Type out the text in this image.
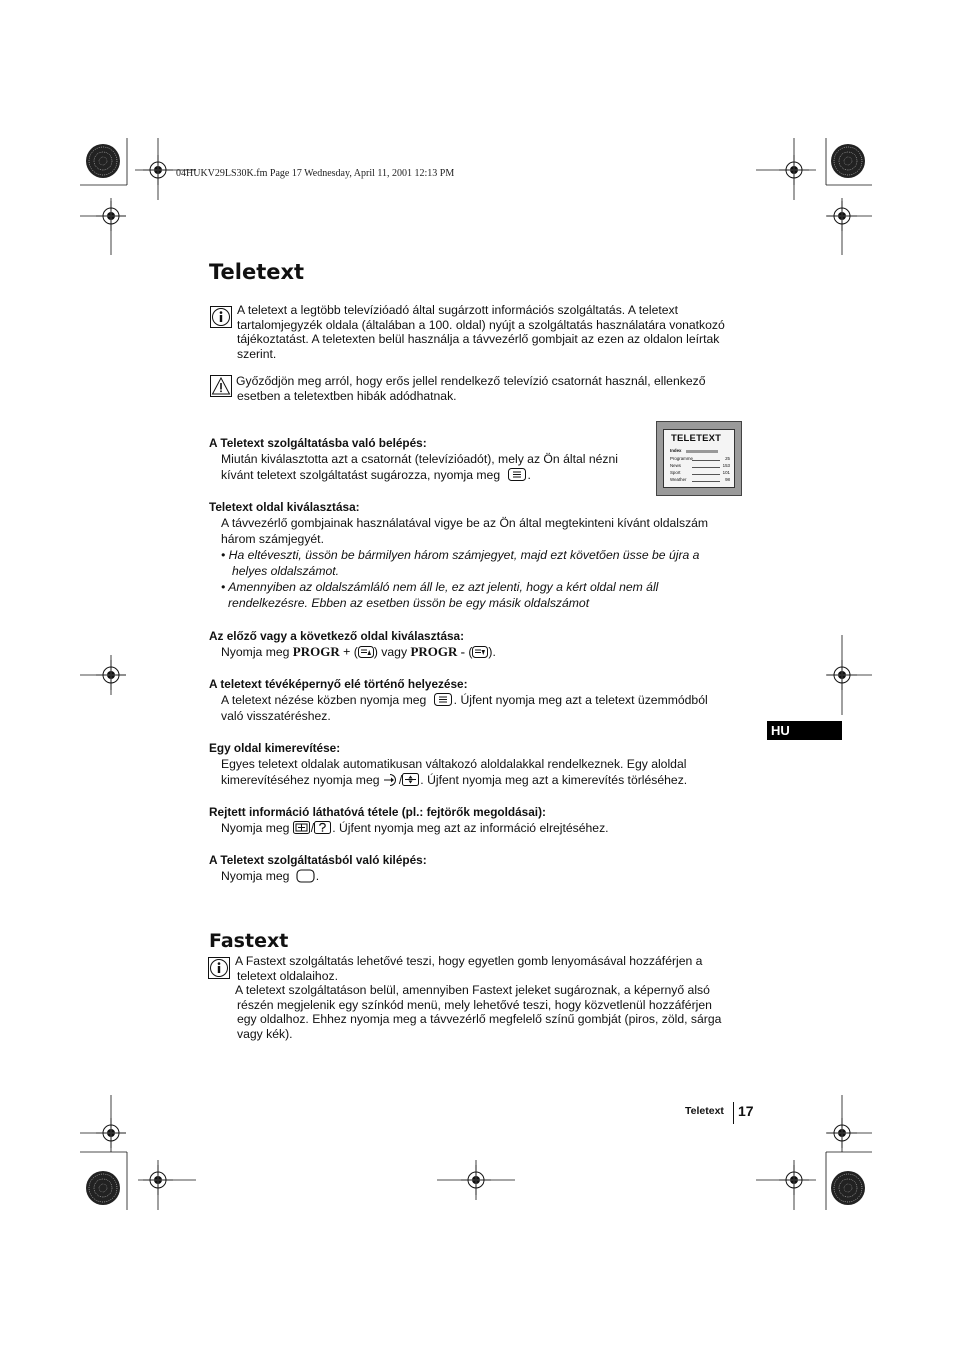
04HUKV29LS30K.fm Page 17 Wednesday, April 11, 2001 12:13 PM
Teletext
A teletext a legtöbb televízióadó által sugárzott információs szolgáltatás. A teletext
tartalomjegyzék oldala (általában a 100. oldal) nyújt a szolgáltatás használatára vonatkozó
tájékoztatást. A teletexten belül használja a távvezérlő gombjait az ezen az oldalon leírtak
szerint.
Győződjön meg arról, hogy erős jellel rendelkező televízió csatornát használ, ellenkező
esetben a teletextben hibák adódhatnak.
TELETEXT
Index
Programme	25
News	153
Sport	101
Weather	98
A Teletext szolgáltatásba való belépés:
Miután kiválasztotta azt a csatornát (televízióadót), mely az Ön által nézni
kívánt teletext szolgáltatást sugározza, nyomja meg .
Teletext oldal kiválasztása:
A távvezérlő gombjainak használatával vigye be az Ön által megtekinteni kívánt oldalszám
három számjegyét.
• Ha eltéveszti, üssön be bármilyen három számjegyet, majd ezt követően üsse be újra a
helyes oldalszámot.
• Amennyiben az oldalszámláló nem áll le, ez azt jelenti, hogy a kért oldal nem áll
rendelkezésre. Ebben az esetben üssön be egy másik oldalszámot
Az előző vagy a következő oldal kiválasztása:
Nyomja meg PROGR + ( ) vagy PROGR - ( ).
A teletext tévéképernyő elé történő helyezése:
A teletext nézése közben nyomja meg . Újfent nyomja meg azt a teletext üzemmódból
való visszatéréshez.
Egy oldal kimerevítése:
Egyes teletext oldalak automatikusan váltakozó aloldalakkal rendelkeznek. Egy aloldal
kimerevítéséhez nyomja meg / . Újfent nyomja meg azt a kimerevítés törléséhez.
Rejtett információ láthatóvá tétele (pl.: fejtörők megoldásai):
Nyomja meg / . Újfent nyomja meg azt az információ elrejtéséhez.
A Teletext szolgáltatásból való kilépés:
Nyomja meg .
Fastext
A Fastext szolgáltatás lehetővé teszi, hogy egyetlen gomb lenyomásával hozzáférjen a
teletext oldalaihoz.
A teletext szolgáltatáson belül, amennyiben Fastext jeleket sugároznak, a képernyő alsó
részén megjelenik egy színkód menü, mely lehetővé teszi, hogy közvetlenül hozzáférjen
egy oldalhoz. Ehhez nyomja meg a távvezérlő megfelelő színű gombját (piros, zöld, sárga
vagy kék).
HU
Teletext 17
